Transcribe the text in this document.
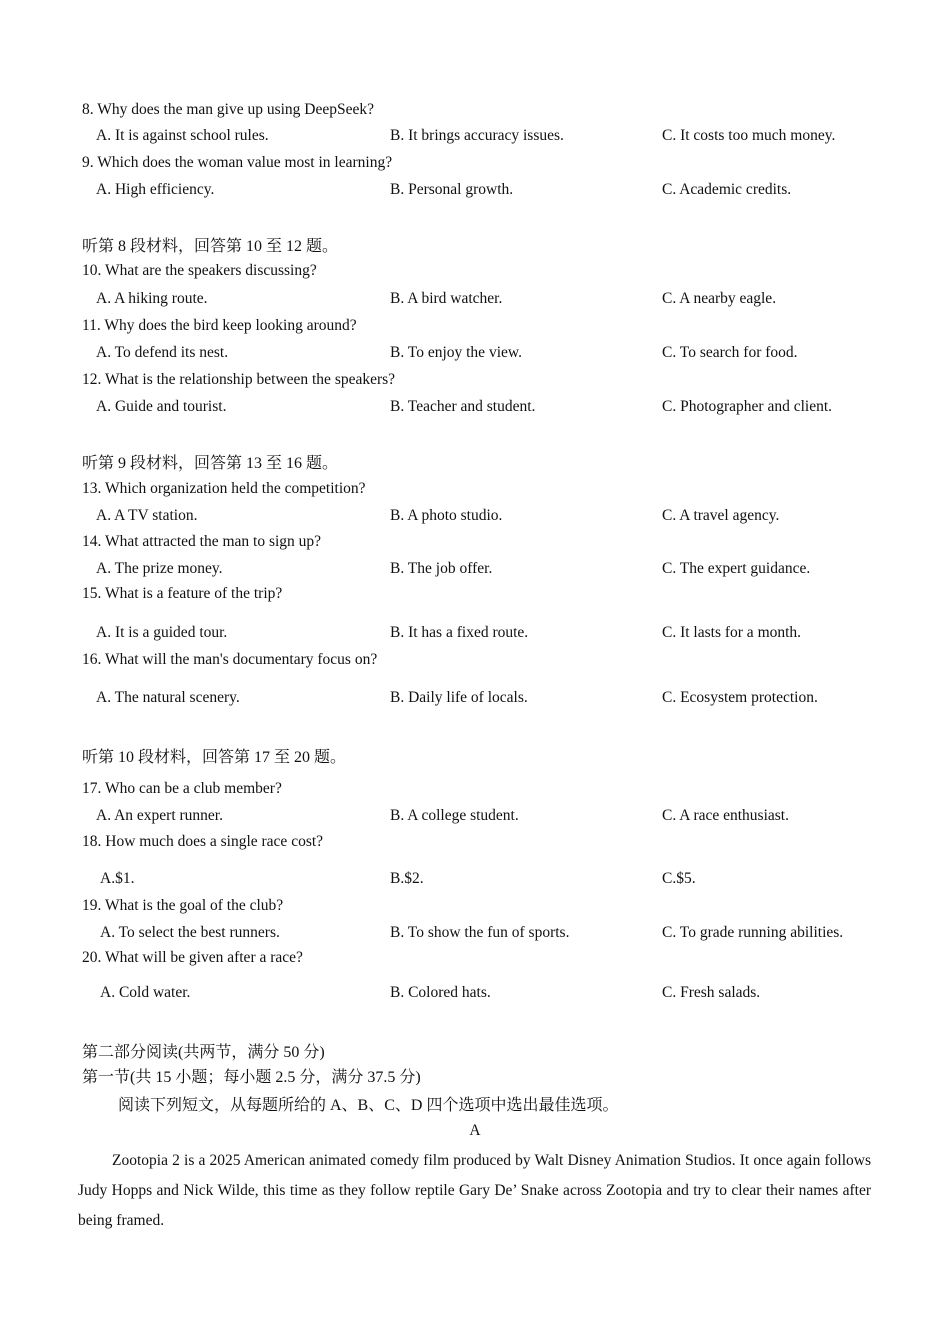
8. Why does the man give up using DeepSeek?
A. It is against school rules.	B. It brings accuracy issues.	C. It costs too much money.
9. Which does the woman value most in learning?
A. High efficiency.	B. Personal growth.	C. Academic credits.
听第 8 段材料，回答第 10 至 12 题。
10. What are the speakers discussing?
A. A hiking route.	B. A bird watcher.	C. A nearby eagle.
11. Why does the bird keep looking around?
A. To defend its nest.	B. To enjoy the view.	C. To search for food.
12. What is the relationship between the speakers?
A. Guide and tourist.	B. Teacher and student.	C. Photographer and client.
听第 9 段材料，回答第 13 至 16 题。
13. Which organization held the competition?
A. A TV station.	B. A photo studio.	C. A travel agency.
14. What attracted the man to sign up?
A. The prize money.	B. The job offer.	C. The expert guidance.
15. What is a feature of the trip?
A. It is a guided tour.	B. It has a fixed route.	C. It lasts for a month.
16. What will the man's documentary focus on?
A. The natural scenery.	B. Daily life of locals.	C. Ecosystem protection.
听第 10 段材料，回答第 17 至 20 题。
17. Who can be a club member?
A. An expert runner.	B. A college student.	C. A race enthusiast.
18. How much does a single race cost?
A.$1.	B.$2.	C.$5.
19. What is the goal of the club?
A. To select the best runners.	B. To show the fun of sports.	C. To grade running abilities.
20. What will be given after a race?
A. Cold water.	B. Colored hats.	C. Fresh salads.
第二部分阅读(共两节，满分 50 分)
第一节(共 15 小题；每小题 2.5 分，满分 37.5 分)
阅读下列短文，从每题所给的 A、B、C、D 四个选项中选出最佳选项。
A
Zootopia 2 is a 2025 American animated comedy film produced by Walt Disney Animation Studios. It once again follows Judy Hopps and Nick Wilde, this time as they follow reptile Gary De’ Snake across Zootopia and try to clear their names after being framed.
